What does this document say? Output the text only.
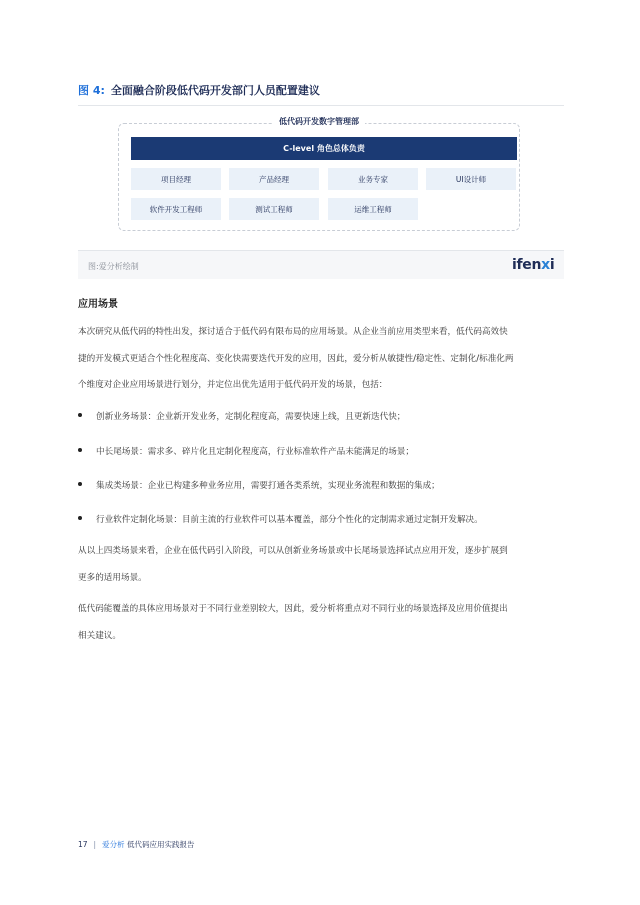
图 4: 全面融合阶段低代码开发部门人员配置建议
低代码开发数字管理部
C-level 角色总体负责
项目经理	产品经理	业务专家	UI设计师
软件开发工程师	测试工程师	运维工程师
图:爱分析绘制	ifenxi
应用场景
本次研究从低代码的特性出发，探讨适合于低代码有限布局的应用场景。从企业当前应用类型来看，低代码高效快
捷的开发模式更适合个性化程度高、变化快需要迭代开发的应用，因此，爱分析从敏捷性/稳定性、定制化/标准化两
个维度对企业应用场景进行划分，并定位出优先适用于低代码开发的场景，包括：
创新业务场景：企业新开发业务，定制化程度高，需要快速上线，且更新迭代快；
中长尾场景：需求多、碎片化且定制化程度高，行业标准软件产品未能满足的场景；
集成类场景：企业已构建多种业务应用，需要打通各类系统，实现业务流程和数据的集成；
行业软件定制化场景：目前主流的行业软件可以基本覆盖，部分个性化的定制需求通过定制开发解决。
从以上四类场景来看，企业在低代码引入阶段，可以从创新业务场景或中长尾场景选择试点应用开发，逐步扩展到
更多的适用场景。
低代码能覆盖的具体应用场景对于不同行业差别较大，因此，爱分析将重点对不同行业的场景选择及应用价值提出
相关建议。
17 | 爱分析 低代码应用实践报告
